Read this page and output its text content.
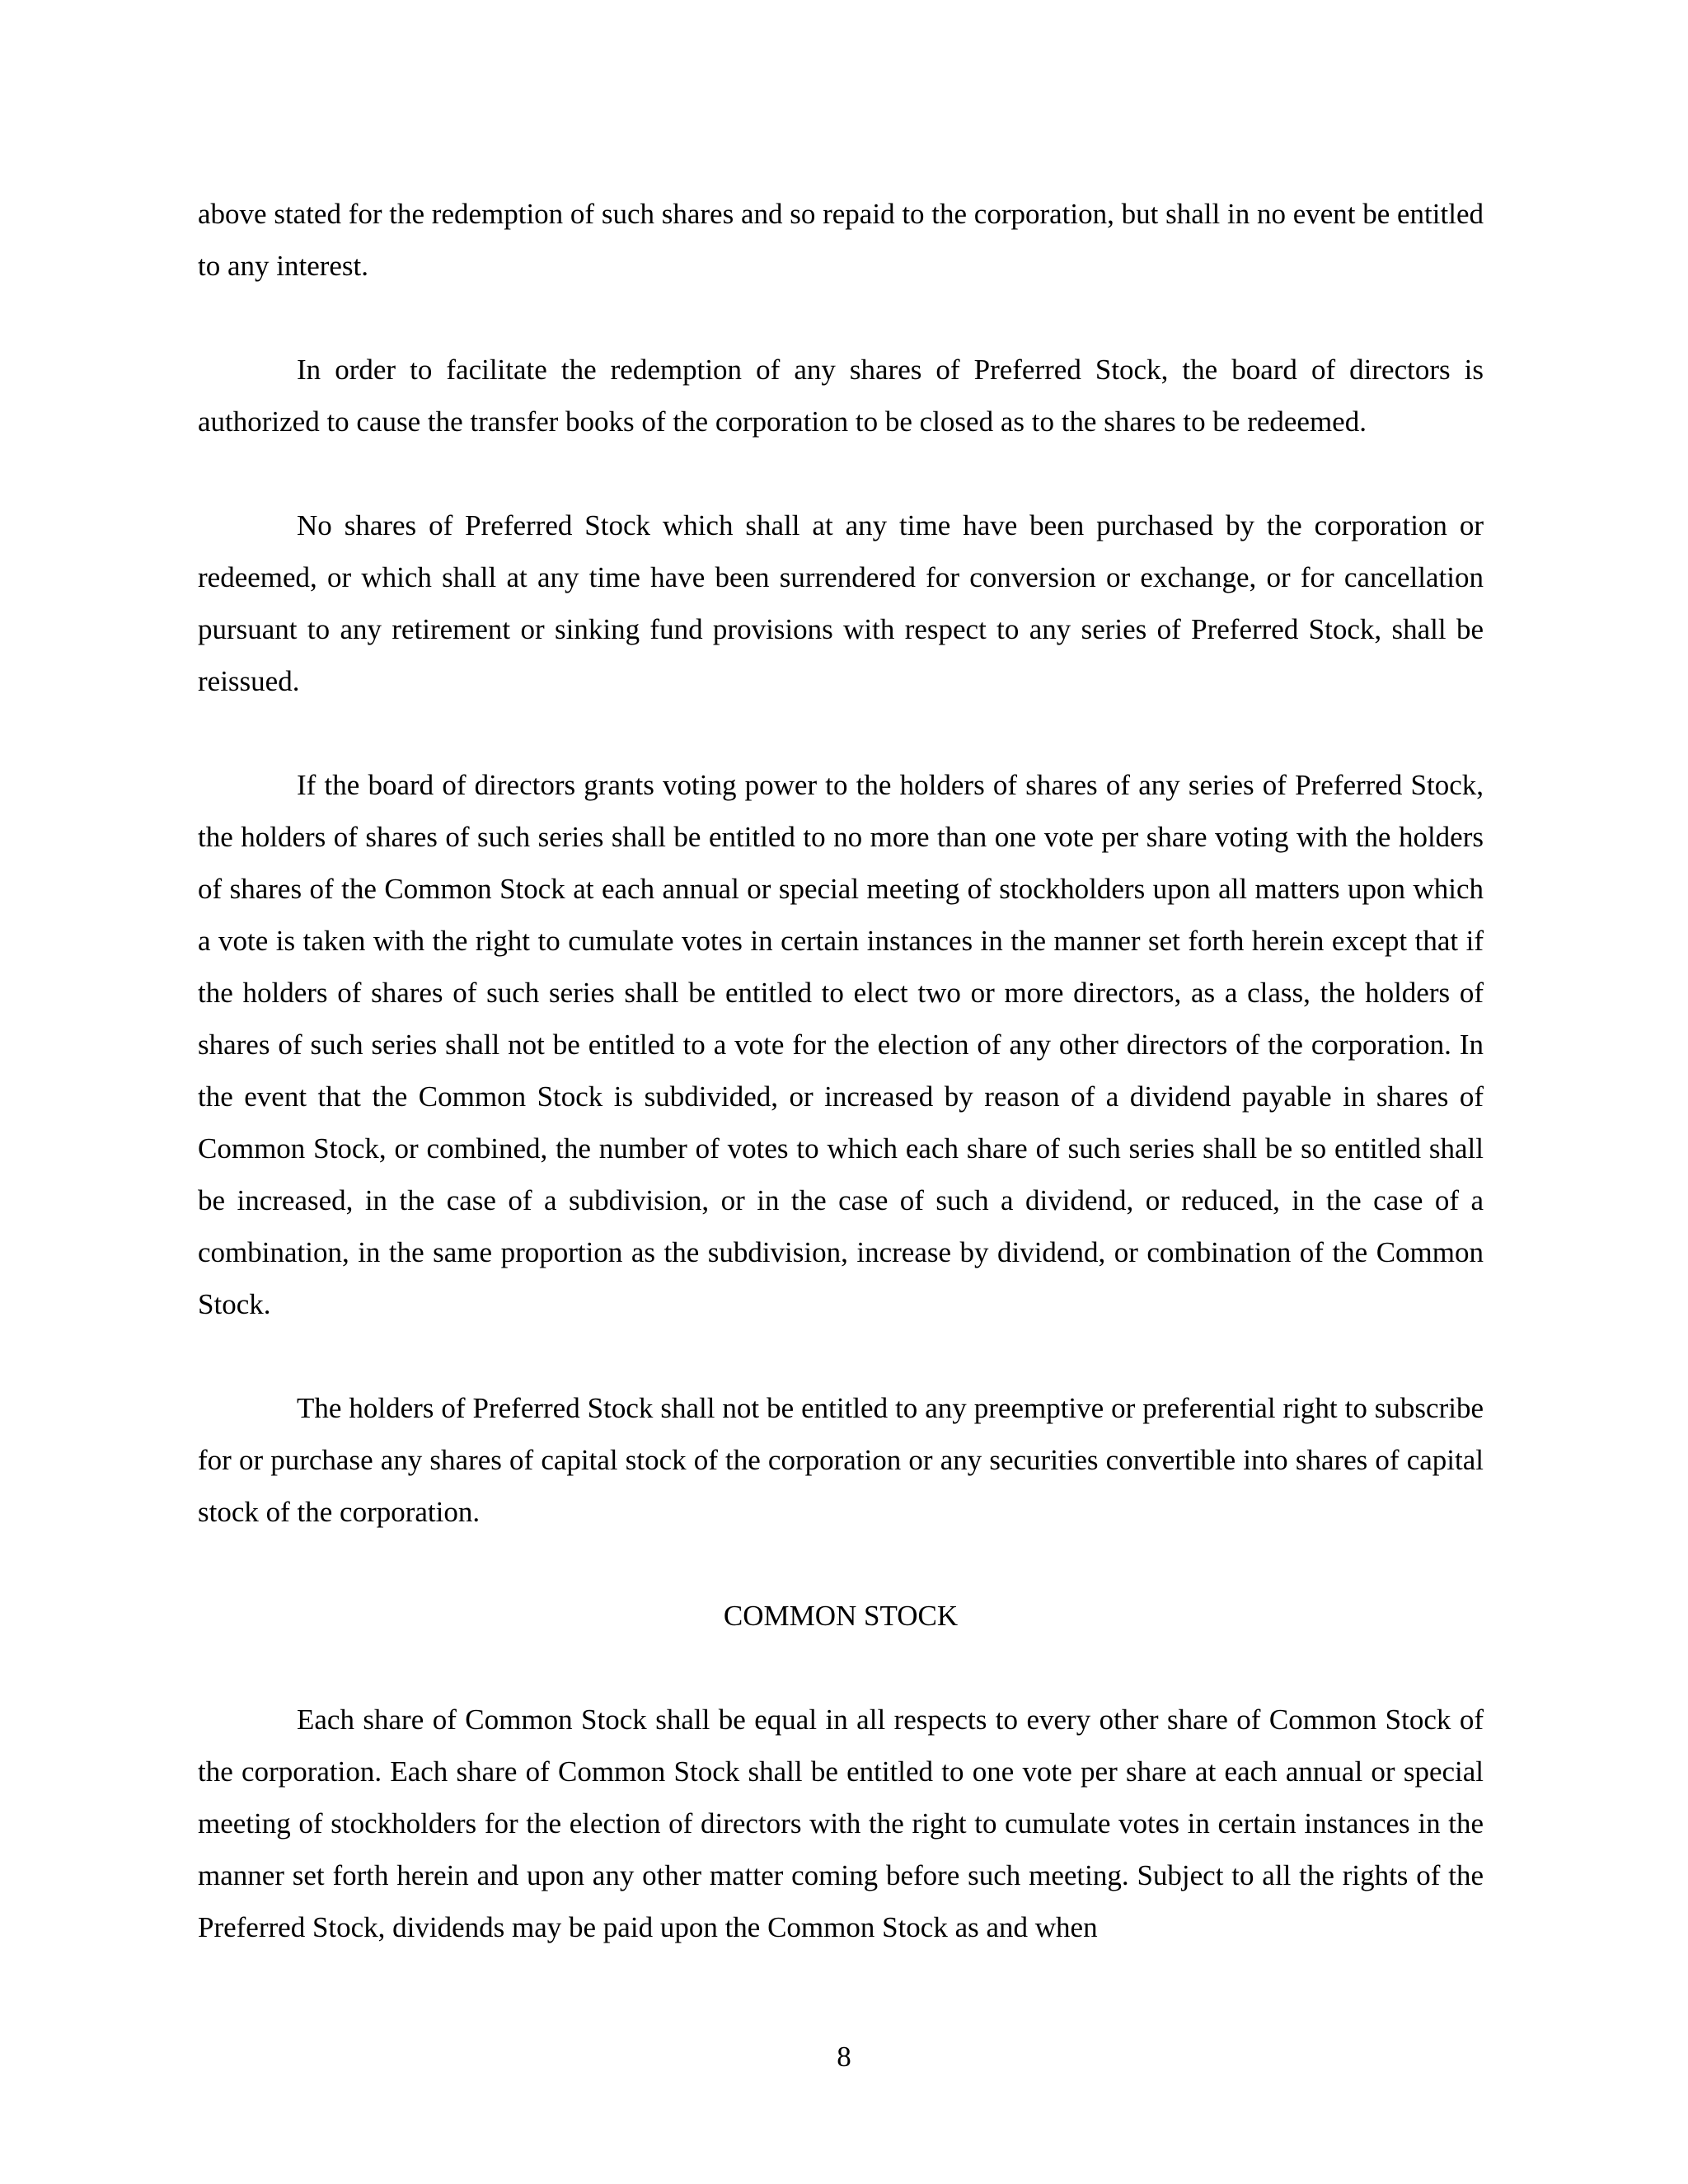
above stated for the redemption of such shares and so repaid to the corporation, but shall in no event be entitled to any interest.

In order to facilitate the redemption of any shares of Preferred Stock, the board of directors is authorized to cause the transfer books of the corporation to be closed as to the shares to be redeemed.

No shares of Preferred Stock which shall at any time have been purchased by the corporation or redeemed, or which shall at any time have been surrendered for conversion or exchange, or for cancellation pursuant to any retirement or sinking fund provisions with respect to any series of Preferred Stock, shall be reissued.

If the board of directors grants voting power to the holders of shares of any series of Preferred Stock, the holders of shares of such series shall be entitled to no more than one vote per share voting with the holders of shares of the Common Stock at each annual or special meeting of stockholders upon all matters upon which a vote is taken with the right to cumulate votes in certain instances in the manner set forth herein except that if the holders of shares of such series shall be entitled to elect two or more directors, as a class, the holders of shares of such series shall not be entitled to a vote for the election of any other directors of the corporation. In the event that the Common Stock is subdivided, or increased by reason of a dividend payable in shares of Common Stock, or combined, the number of votes to which each share of such series shall be so entitled shall be increased, in the case of a subdivision, or in the case of such a dividend, or reduced, in the case of a combination, in the same proportion as the subdivision, increase by dividend, or combination of the Common Stock.

The holders of Preferred Stock shall not be entitled to any preemptive or preferential right to subscribe for or purchase any shares of capital stock of the corporation or any securities convertible into shares of capital stock of the corporation.

COMMON STOCK

Each share of Common Stock shall be equal in all respects to every other share of Common Stock of the corporation. Each share of Common Stock shall be entitled to one vote per share at each annual or special meeting of stockholders for the election of directors with the right to cumulate votes in certain instances in the manner set forth herein and upon any other matter coming before such meeting. Subject to all the rights of the Preferred Stock, dividends may be paid upon the Common Stock as and when

8
